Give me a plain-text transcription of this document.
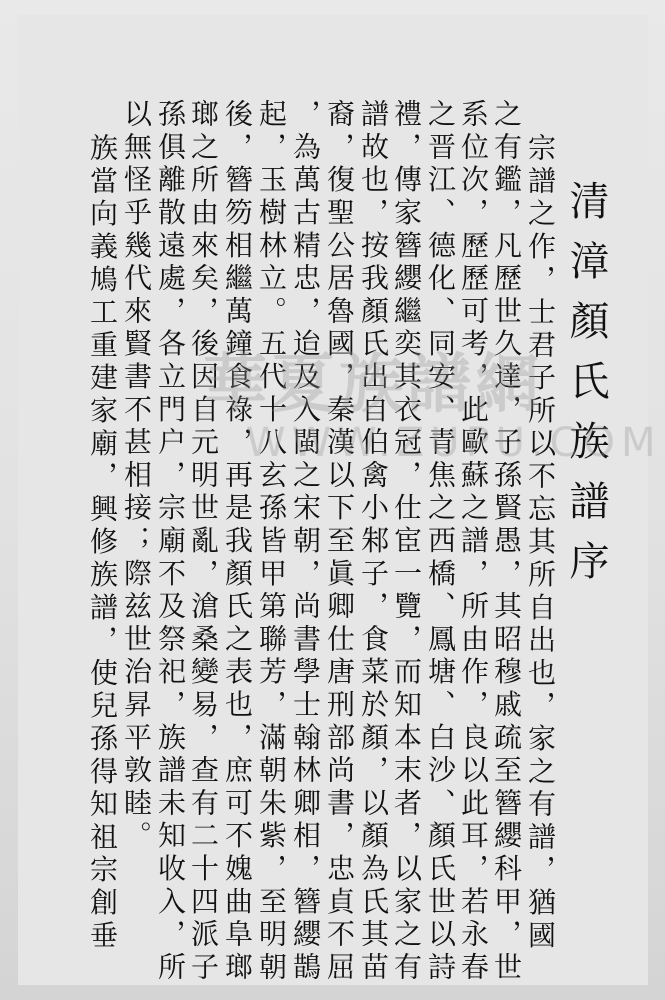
清漳顏氏族譜序
宗譜之作，士君子所以不忘其所自出也，家之有譜，猶國
之有鑑，凡歷世久達，子孫賢愚，其昭穆戚疏至簪纓科甲，世
系位次，歷歷可考，此歐蘇之譜，所由作，良以此耳，若永春
之晋江、德化、同安、青焦之西橋、鳳塘、白沙、顏氏世以詩
禮，傳家簪纓繼奕其衣冠，仕宦一覽，而知本末者，以家之有
譜故也，按我顏氏出自伯禽小邾子，食菜於顏，以顏為氏其苗
裔，復聖公居魯國，秦漢以下至眞卿仕唐刑部尚書，忠貞不屈
，為萬古精忠，迨及入閩之宋朝，尚書學士翰林卿相，簪纓鵲
起，玉樹林立。五代十八玄孫皆甲第聯芳，滿朝朱紫，至明朝
後，簪笏相繼萬鐘食祿，再是我顏氏之表也，庶可不媿曲阜瑯
瑯之所由來矣，後因自元明世亂，滄桑變易，查有二十四派子
孫俱離散遠處，各立門户，宗廟不及祭祀，族譜未知收入，所
以無怪乎幾代來賢書不甚相接；際兹世治昇平敦睦。
族當向義鳩工重建家廟，興修族譜，使兒孫得知祖宗創垂 華夏族譜網
WWW.ZUPU.COM
